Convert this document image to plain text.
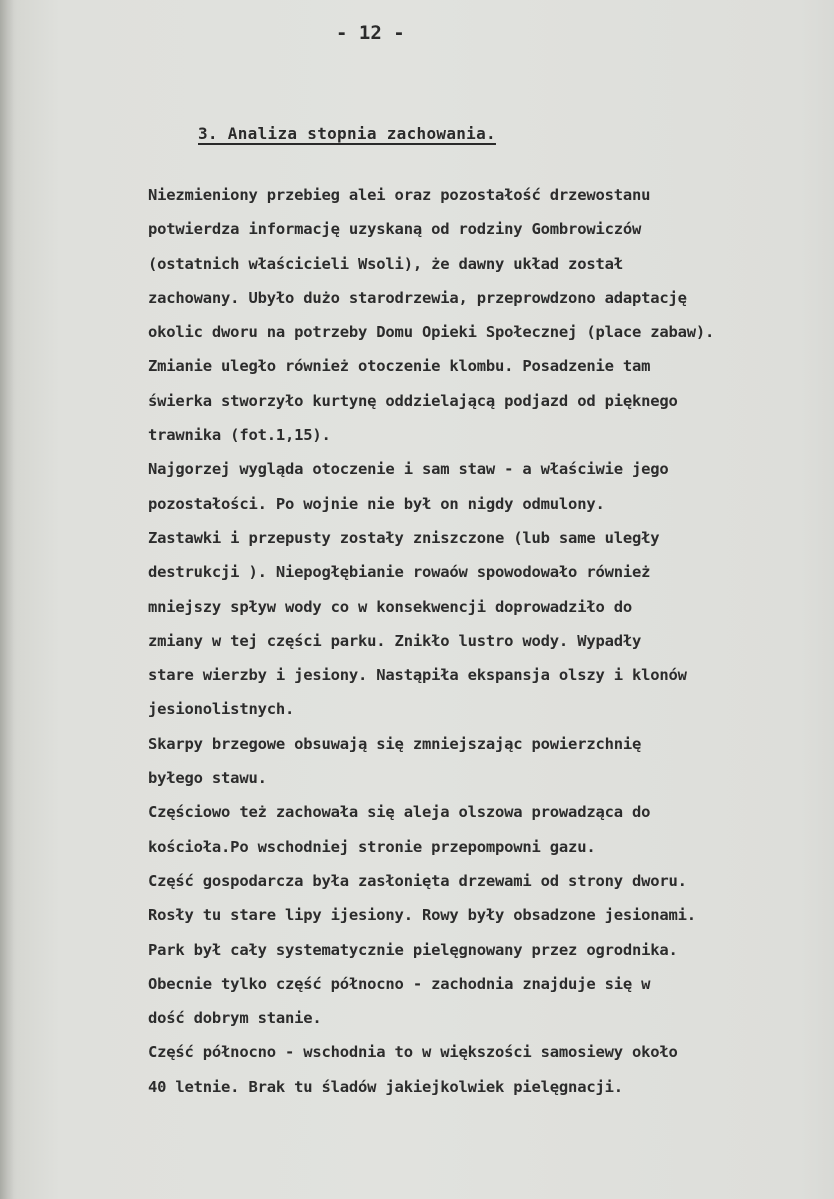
- 12 -
3. Analiza stopnia zachowania.
Niezmieniony przebieg alei oraz pozostałość drzewostanu
potwierdza informację uzyskaną od rodziny Gombrowiczów
(ostatnich właścicieli Wsoli), że dawny układ został
zachowany. Ubyło dużo starodrzewia, przeprowdzono adaptację
okolic dworu na potrzeby Domu Opieki Społecznej (place zabaw).
Zmianie uległo również otoczenie klombu. Posadzenie tam
świerka stworzyło kurtynę oddzielającą podjazd od pięknego
trawnika (fot.1,15).
Najgorzej wygląda otoczenie i sam staw - a właściwie jego
pozostałości. Po wojnie nie był on nigdy odmulony.
Zastawki i przepusty zostały zniszczone (lub same uległy
destrukcji ). Niepogłębianie rowaów spowodowało również
mniejszy spływ wody co w konsekwencji doprowadziło do
zmiany w tej części parku. Znikło lustro wody. Wypadły
stare wierzby i jesiony. Nastąpiła ekspansja olszy i klonów
jesionolistnych.
Skarpy brzegowe obsuwają się zmniejszając powierzchnię
byłego stawu.
Częściowo też zachowała się aleja olszowa prowadząca do
kościoła.Po wschodniej stronie przepompowni gazu.
Część gospodarcza była zasłonięta drzewami od strony dworu.
Rosły tu stare lipy ijesiony. Rowy były obsadzone jesionami.
Park był cały systematycznie pielęgnowany przez ogrodnika.
Obecnie tylko część północno - zachodnia znajduje się w
dość dobrym stanie.
Część północno - wschodnia to w większości samosiewy około
40 letnie. Brak tu śladów jakiejkolwiek pielęgnacji.
